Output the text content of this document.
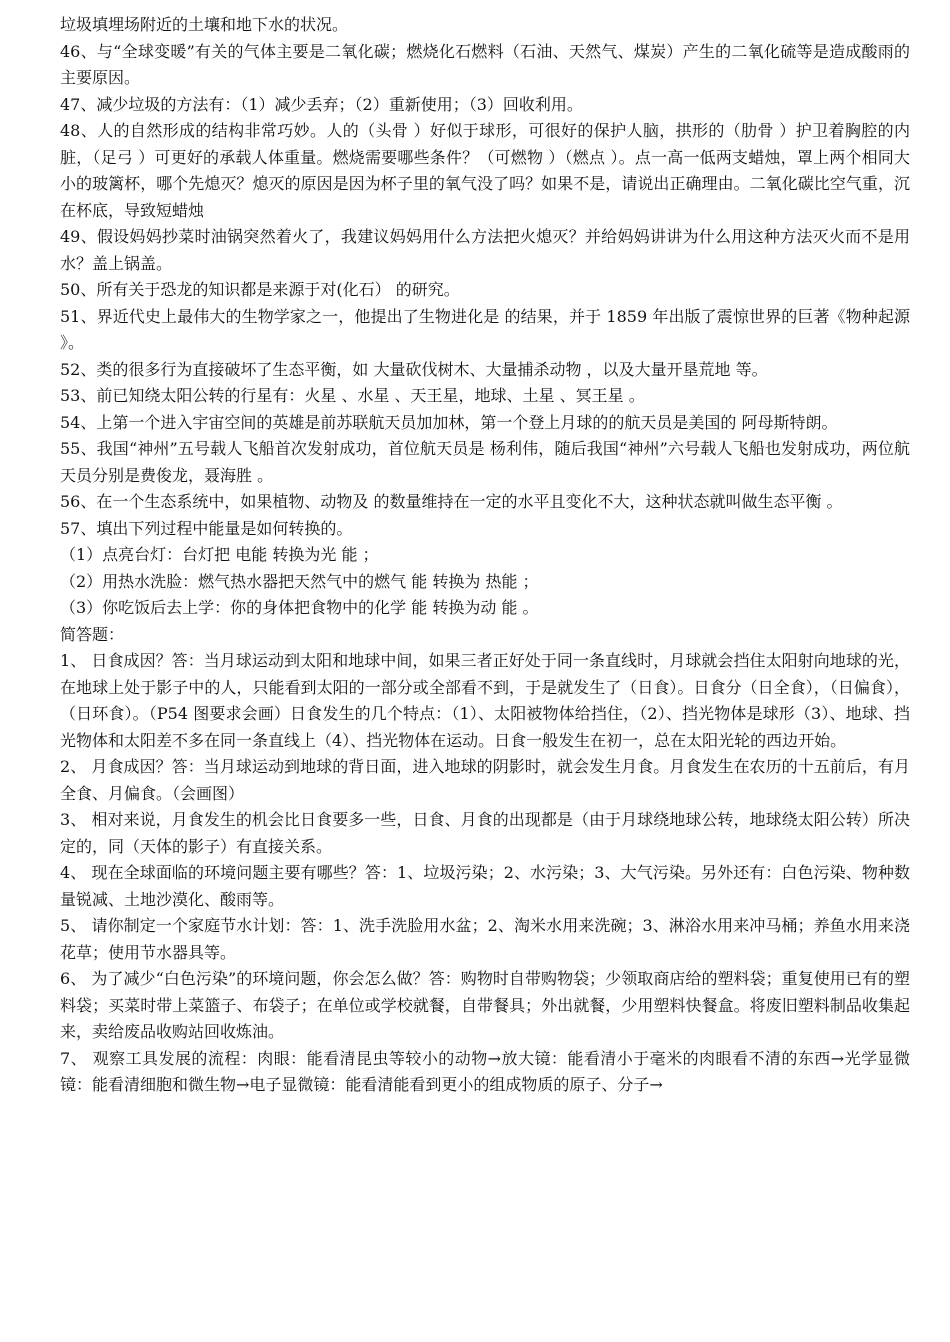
垃圾填埋场附近的土壤和地下水的状况。

46、与“全球变暖”有关的气体主要是二氧化碳；燃烧化石燃料（石油、天然气、煤炭）产生的二氧化硫等是造成酸雨的主要原因。

47、减少垃圾的方法有：（1）减少丢弃；（2）重新使用；（3）回收利用。

48、人的自然形成的结构非常巧妙。人的（头骨 ）好似于球形，可很好的保护人脑，拱形的（肋骨 ）护卫着胸腔的内脏，（足弓 ）可更好的承载人体重量。燃烧需要哪些条件？（可燃物 ）（燃点 ）。点一高一低两支蜡烛，罩上两个相同大小的玻篱杯，哪个先熄灭？熄灭的原因是因为杯子里的氧气没了吗？如果不是，请说出正确理由。二氧化碳比空气重，沉在杯底，导致短蜡烛

49、假设妈妈抄菜时油锅突然着火了，我建议妈妈用什么方法把火熄灭？并给妈妈讲讲为什么用这种方法灭火而不是用水？盖上锅盖。

50、所有关于恐龙的知识都是来源于对(化石） 的研究。

51、界近代史上最伟大的生物学家之一，他提出了生物进化是 的结果，并于 1859 年出版了震惊世界的巨著《物种起源 》。

52、类的很多行为直接破坏了生态平衡，如 大量砍伐树木、大量捕杀动物 ，以及大量开垦荒地 等。

53、前已知绕太阳公转的行星有：火星 、水星 、天王星，地球、土星 、冥王星 。

54、上第一个进入宇宙空间的英雄是前苏联航天员加加林，第一个登上月球的的航天员是美国的 阿母斯特朗。

55、我国“神州”五号载人飞船首次发射成功，首位航天员是 杨利伟，随后我国“神州”六号载人飞船也发射成功，两位航天员分别是费俊龙，聂海胜 。

56、在一个生态系统中，如果植物、动物及 的数量维持在一定的水平且变化不大，这种状态就叫做生态平衡 。

57、填出下列过程中能量是如何转换的。

（1）点亮台灯：台灯把 电能 转换为光 能 ；

（2）用热水洗脸：燃气热水器把天然气中的燃气 能 转换为 热能 ；

（3）你吃饭后去上学：你的身体把食物中的化学 能 转换为动 能 。

简答题：

1、 日食成因？答：当月球运动到太阳和地球中间，如果三者正好处于同一条直线时，月球就会挡住太阳射向地球的光，在地球上处于影子中的人，只能看到太阳的一部分或全部看不到，于是就发生了（日食）。日食分（日全食），（日偏食），（日环食）。（P54 图要求会画）日食发生的几个特点：（1）、太阳被物体给挡住，（2）、挡光物体是球形（3）、地球、挡光物体和太阳差不多在同一条直线上（4）、挡光物体在运动。日食一般发生在初一，总在太阳光轮的西边开始。

2、 月食成因？答：当月球运动到地球的背日面，进入地球的阴影时，就会发生月食。月食发生在农历的十五前后，有月全食、月偏食。（会画图）

3、 相对来说，月食发生的机会比日食要多一些，日食、月食的出现都是（由于月球绕地球公转，地球绕太阳公转）所决定的，同（天体的影子）有直接关系。

4、 现在全球面临的环境问题主要有哪些？答：1、垃圾污染；2、水污染；3、大气污染。另外还有：白色污染、物种数量锐减、土地沙漠化、酸雨等。

5、 请你制定一个家庭节水计划：答：1、洗手洗脸用水盆；2、淘米水用来洗碗；3、淋浴水用来冲马桶；养鱼水用来浇花草；使用节水器具等。

6、 为了减少“白色污染”的环境问题，你会怎么做？答：购物时自带购物袋；少领取商店给的塑料袋；重复使用已有的塑料袋；买菜时带上菜篮子、布袋子；在单位或学校就餐，自带餐具；外出就餐，少用塑料快餐盒。将废旧塑料制品收集起来，卖给废品收购站回收炼油。

7、 观察工具发展的流程：肉眼：能看清昆虫等较小的动物→放大镜：能看清小于毫米的肉眼看不清的东西→光学显微镜：能看清细胞和微生物→电子显微镜：能看清能看到更小的组成物质的原子、分子→
